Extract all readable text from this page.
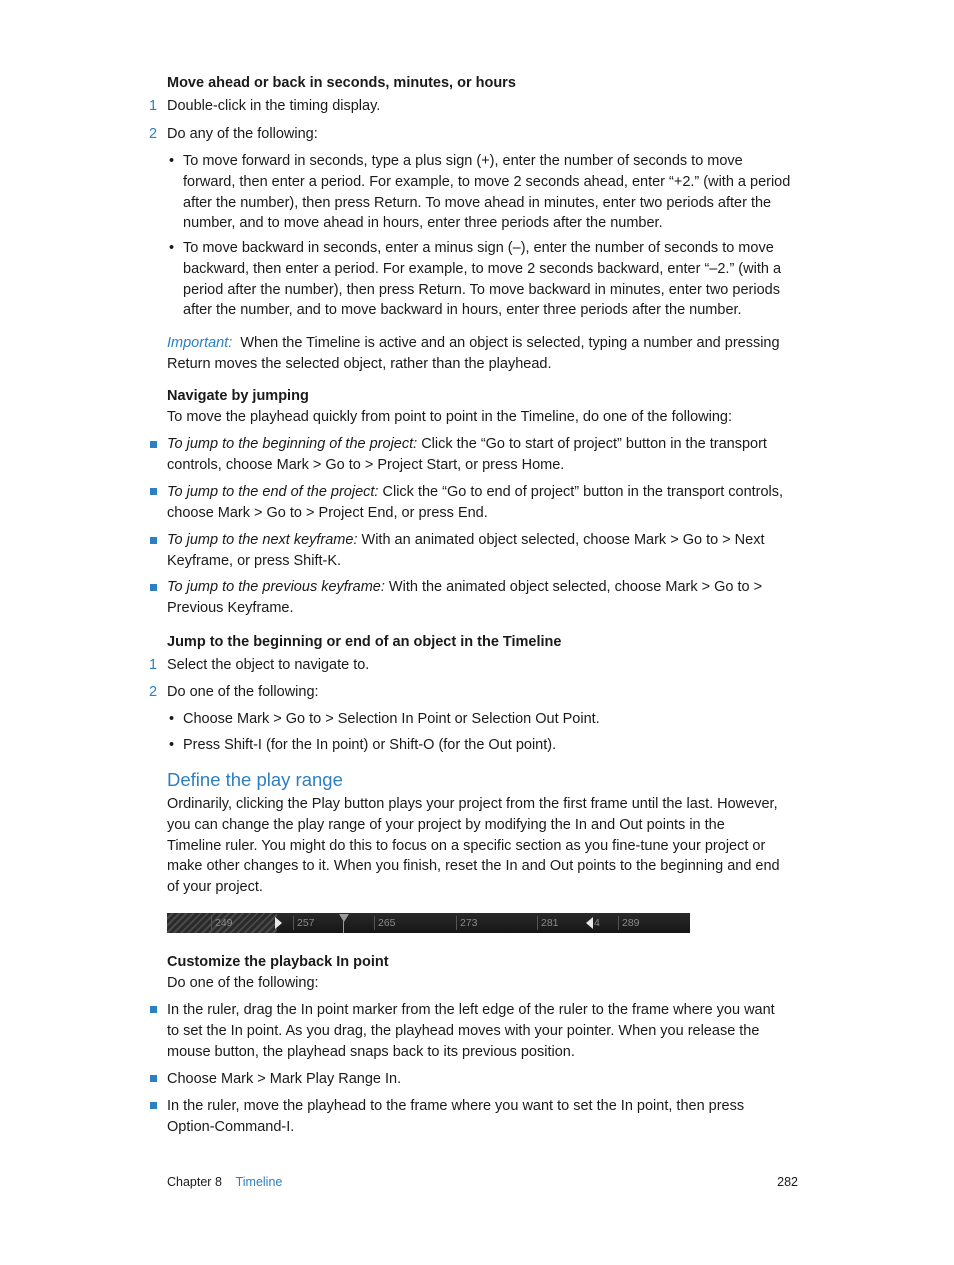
Move ahead or back in seconds, minutes, or hours
1 Double-click in the timing display.
2 Do any of the following:
• To move forward in seconds, type a plus sign (+), enter the number of seconds to move
forward, then enter a period. For example, to move 2 seconds ahead, enter “+2.” (with a period
after the number), then press Return. To move ahead in minutes, enter two periods after the
number, and to move ahead in hours, enter three periods after the number.
• To move backward in seconds, enter a minus sign (–), enter the number of seconds to move
backward, then enter a period. For example, to move 2 seconds backward, enter “–2.” (with a
period after the number), then press Return. To move backward in minutes, enter two periods
after the number, and to move backward in hours, enter three periods after the number.
Important: When the Timeline is active and an object is selected, typing a number and pressing
Return moves the selected object, rather than the playhead.
Navigate by jumping
To move the playhead quickly from point to point in the Timeline, do one of the following:
To jump to the beginning of the project: Click the “Go to start of project” button in the transport
controls, choose Mark > Go to > Project Start, or press Home.
To jump to the end of the project: Click the “Go to end of project” button in the transport controls,
choose Mark > Go to > Project End, or press End.
To jump to the next keyframe: With an animated object selected, choose Mark > Go to > Next
Keyframe, or press Shift-K.
To jump to the previous keyframe: With the animated object selected, choose Mark > Go to >
Previous Keyframe.
Jump to the beginning or end of an object in the Timeline
1 Select the object to navigate to.
2 Do one of the following:
• Choose Mark > Go to > Selection In Point or Selection Out Point.
• Press Shift-I (for the In point) or Shift-O (for the Out point).
Define the play range
Ordinarily, clicking the Play button plays your project from the first frame until the last. However,
you can change the play range of your project by modifying the In and Out points in the
Timeline ruler. You might do this to focus on a specific section as you fine-tune your project or
make other changes to it. When you finish, reset the In and Out points to the beginning and end
of your project.
249	257	265	273	281	4	289
Customize the playback In point
Do one of the following:
In the ruler, drag the In point marker from the left edge of the ruler to the frame where you want
to set the In point. As you drag, the playhead moves with your pointer. When you release the
mouse button, the playhead snaps back to its previous position.
Choose Mark > Mark Play Range In.
In the ruler, move the playhead to the frame where you want to set the In point, then press
Option-Command-I.
Chapter 8 Timeline	282
